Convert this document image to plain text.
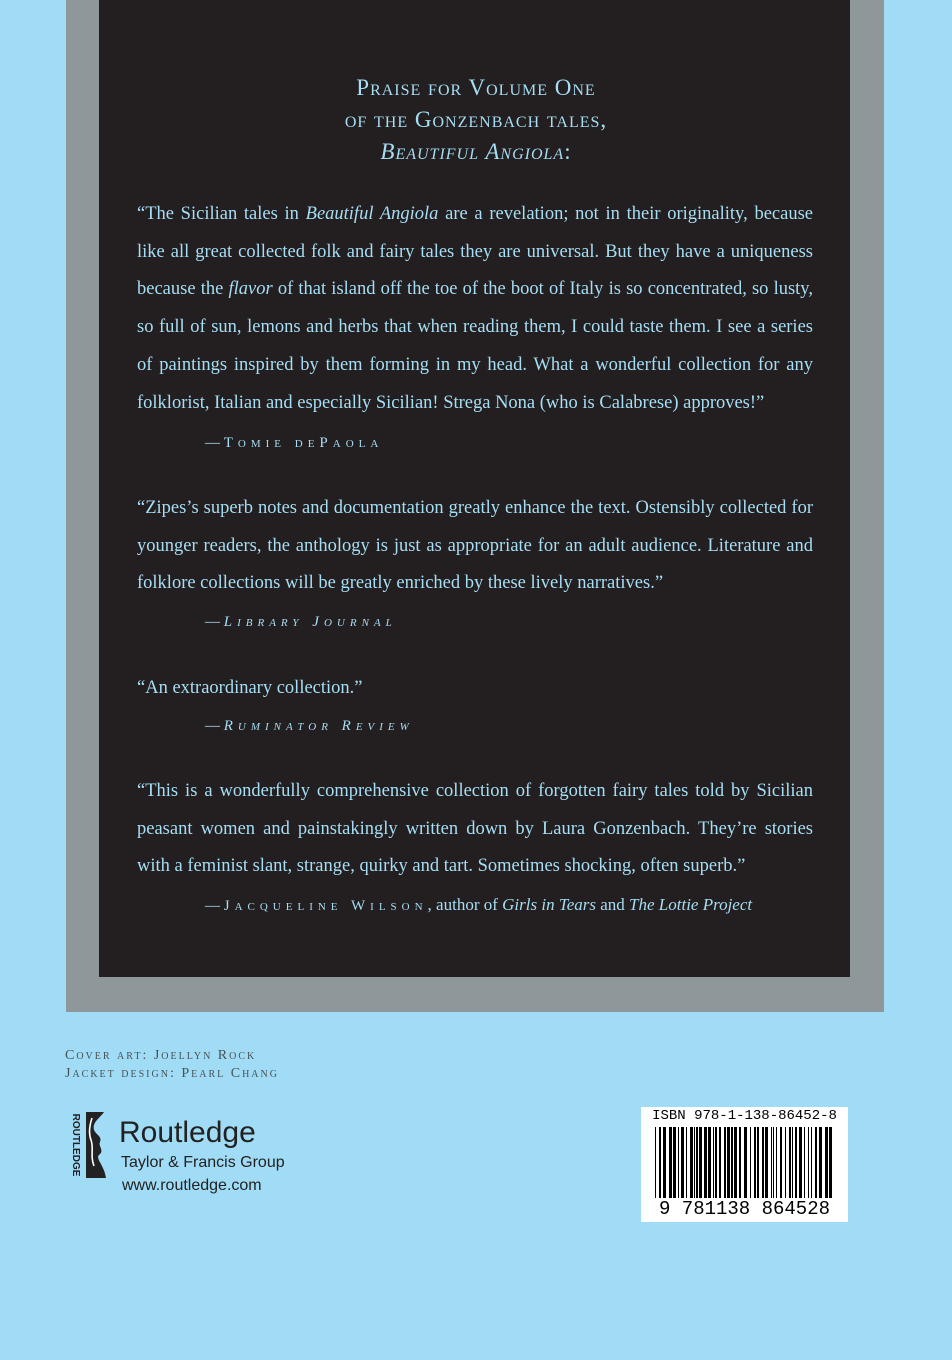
Praise for Volume One
of the Gonzenbach tales,
Beautiful Angiola:
“The Sicilian tales in Beautiful Angiola are a revelation; not in their originality, because like all great collected folk and fairy tales they are universal. But they have a uniqueness because the flavor of that island off the toe of the boot of Italy is so concentrated, so lusty, so full of sun, lemons and herbs that when reading them, I could taste them. I see a series of paintings inspired by them forming in my head. What a wonderful collection for any folklorist, Italian and especially Sicilian! Strega Nona (who is Calabrese) approves!”
— Tomie dePaola
“Zipes’s superb notes and documentation greatly enhance the text. Ostensibly collected for younger readers, the anthology is just as appropriate for an adult audience. Literature and folklore collections will be greatly enriched by these lively narratives.”
— Library Journal
“An extraordinary collection.”
— Ruminator Review
“This is a wonderfully comprehensive collection of forgotten fairy tales told by Sicilian peasant women and painstakingly written down by Laura Gonzenbach. They’re stories with a feminist slant, strange, quirky and tart. Sometimes shocking, often superb.”
— Jacqueline Wilson, author of Girls in Tears and The Lottie Project
Cover art: Joellyn Rock
Jacket design: Pearl Chang
ROUTLEDGE Routledge
Taylor & Francis Group
www.routledge.com
ISBN 978-1-138-86452-8
9 781138 864528
